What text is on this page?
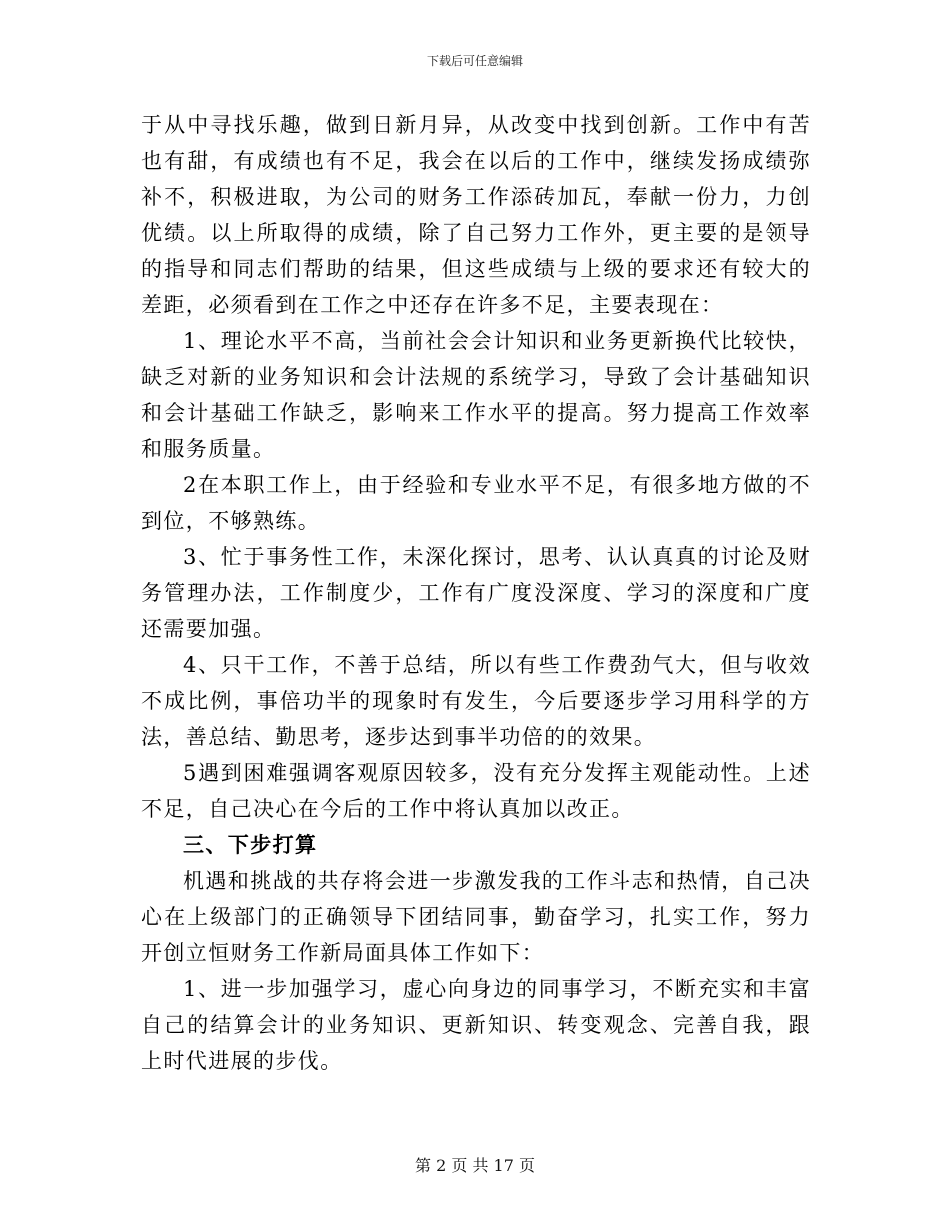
下载后可任意编辑

于从中寻找乐趣，做到日新月异，从改变中找到创新。工作中有苦也有甜，有成绩也有不足，我会在以后的工作中，继续发扬成绩弥补不，积极进取，为公司的财务工作添砖加瓦，奉献一份力，力创优绩。以上所取得的成绩，除了自己努力工作外，更主要的是领导的指导和同志们帮助的结果，但这些成绩与上级的要求还有较大的差距，必须看到在工作之中还存在许多不足，主要表现在：

1、理论水平不高，当前社会会计知识和业务更新换代比较快，缺乏对新的业务知识和会计法规的系统学习，导致了会计基础知识和会计基础工作缺乏，影响来工作水平的提高。努力提高工作效率和服务质量。

2在本职工作上，由于经验和专业水平不足，有很多地方做的不到位，不够熟练。

3、忙于事务性工作，未深化探讨，思考、认认真真的讨论及财务管理办法，工作制度少，工作有广度没深度、学习的深度和广度还需要加强。

4、只干工作，不善于总结，所以有些工作费劲气大，但与收效不成比例，事倍功半的现象时有发生，今后要逐步学习用科学的方法，善总结、勤思考，逐步达到事半功倍的的效果。

5遇到困难强调客观原因较多，没有充分发挥主观能动性。上述不足，自己决心在今后的工作中将认真加以改正。

三、下步打算

机遇和挑战的共存将会进一步激发我的工作斗志和热情，自己决心在上级部门的正确领导下团结同事，勤奋学习，扎实工作，努力开创立恒财务工作新局面具体工作如下：

1、进一步加强学习，虚心向身边的同事学习，不断充实和丰富自己的结算会计的业务知识、更新知识、转变观念、完善自我，跟上时代进展的步伐。

第 2 页 共 17 页
